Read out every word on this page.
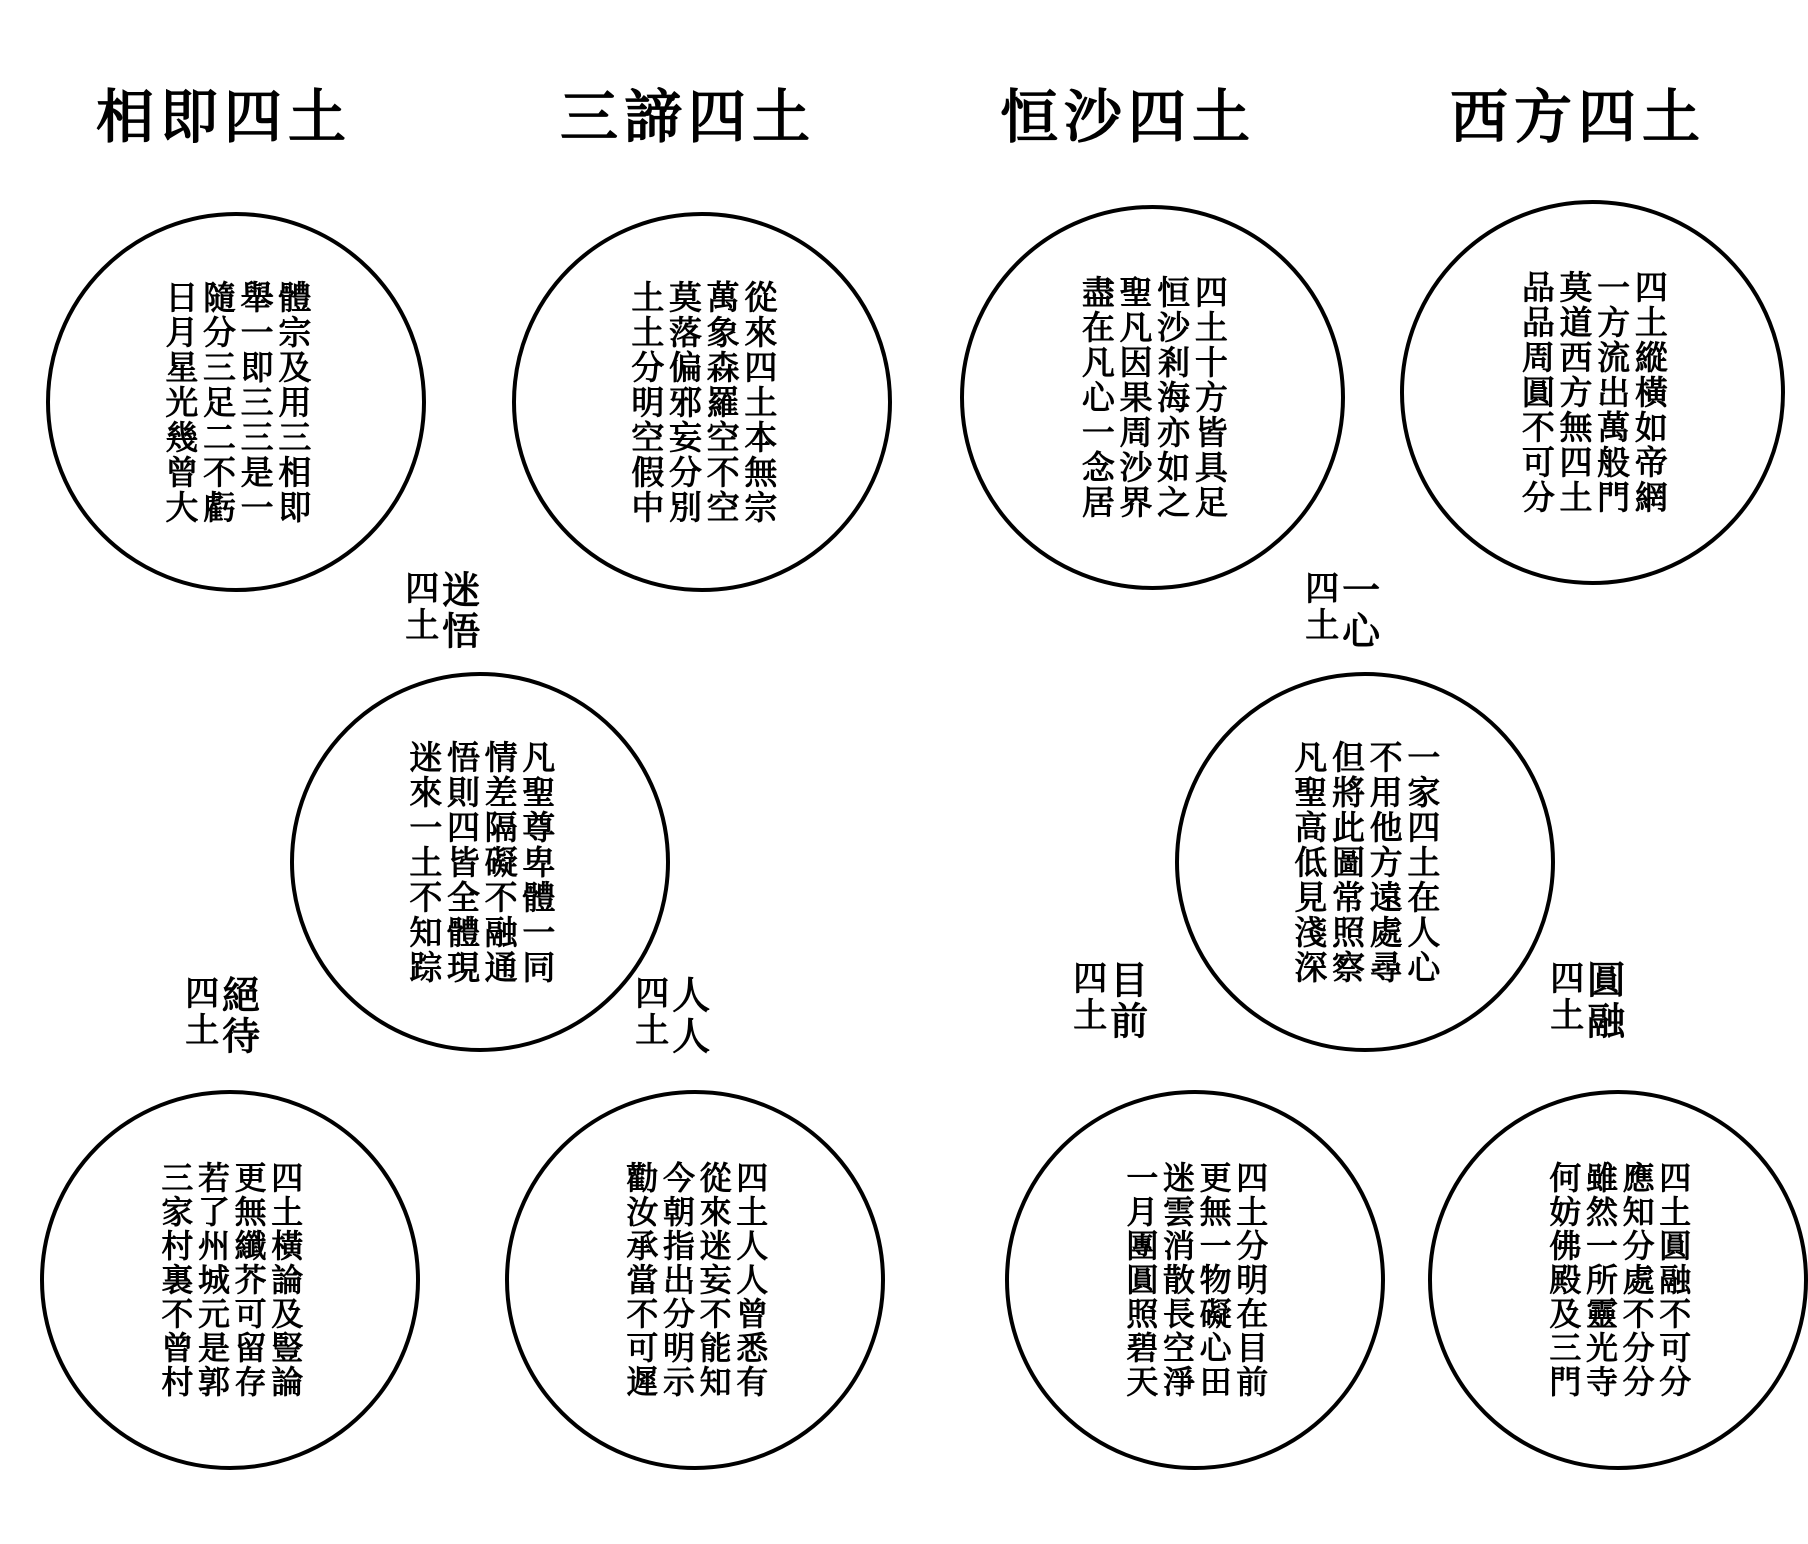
相即四土	三諦四土	恒沙四土	西方四土
體宗及用三相即
舉一即三三是一
隨分三足二不虧
日月星光幾曾大	從來四土本無宗
萬象森羅空不空
莫落偏邪妄分別
土土分明空假中	四土十方皆具足
恒沙剎海亦如之
聖凡因果周沙界
盡在凡心一念居	四土縱橫如帝網
一方流出萬般門
莫道西方無四土
品品周圓不可分
迷悟
四土	一心
四土
凡聖尊卑體一同
情差隔礙不融通
悟則四皆全體現
迷來一土不知踪	一家四土在人心
不用他方遠處尋
但將此圖常照察
凡聖高低見淺深
絕待
四土	人人
四土	目前
四土	圓融
四土
四土橫論及豎論
更無纖芥可留存
若了州城元是郭
三家村裏不曾村	四土人人曾悉有
從來迷妄不能知
今朝指出分明示
勸汝承當不可遲	四土分明在目前
更無一物礙心田
迷雲消散長空淨
一月團圓照碧天	四土圓融不可分
應知分處不分分
雖然一所靈光寺
何妨佛殿及三門
